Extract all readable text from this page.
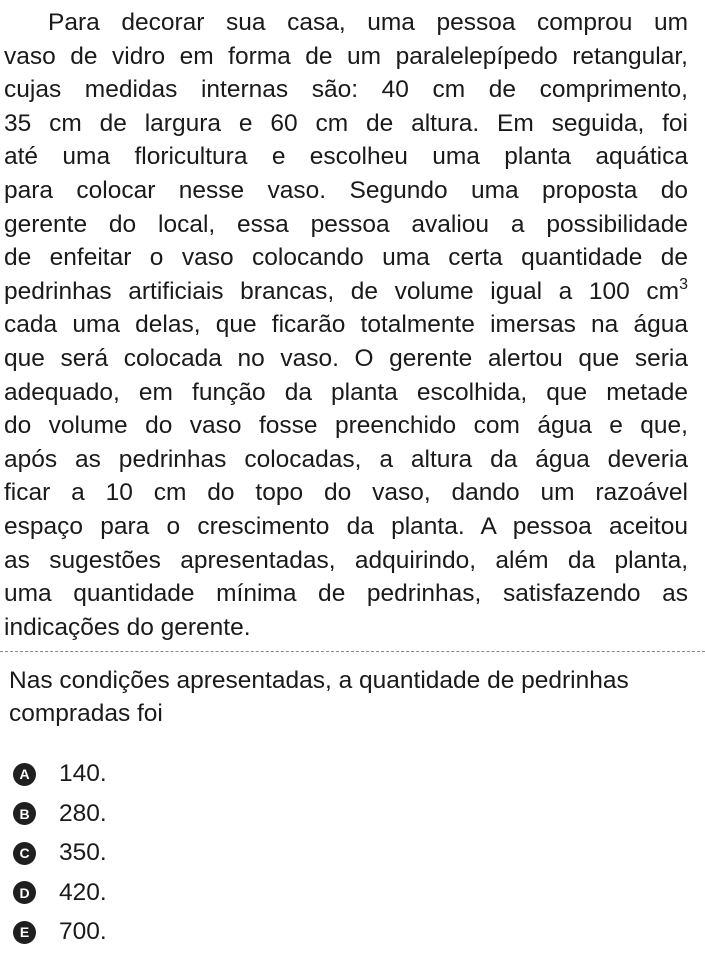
Para decorar sua casa, uma pessoa comprou um
vaso de vidro em forma de um paralelepípedo retangular,
cujas medidas internas são: 40 cm de comprimento,
35 cm de largura e 60 cm de altura. Em seguida, foi
até uma floricultura e escolheu uma planta aquática
para colocar nesse vaso. Segundo uma proposta do
gerente do local, essa pessoa avaliou a possibilidade
de enfeitar o vaso colocando uma certa quantidade de
pedrinhas artificiais brancas, de volume igual a 100 $cm^3$
cada uma delas, que ficarão totalmente imersas na água
que será colocada no vaso. O gerente alertou que seria
adequado, em função da planta escolhida, que metade
do volume do vaso fosse preenchido com água e que,
após as pedrinhas colocadas, a altura da água deveria
ficar a 10 cm do topo do vaso, dando um razoável
espaço para o crescimento da planta. A pessoa aceitou
as sugestões apresentadas, adquirindo, além da planta,
uma quantidade mínima de pedrinhas, satisfazendo as
indicações do gerente.
Nas condições apresentadas, a quantidade de pedrinhas
compradas foi
A 140.
B 280.
C 350.
D 420.
E 700.
